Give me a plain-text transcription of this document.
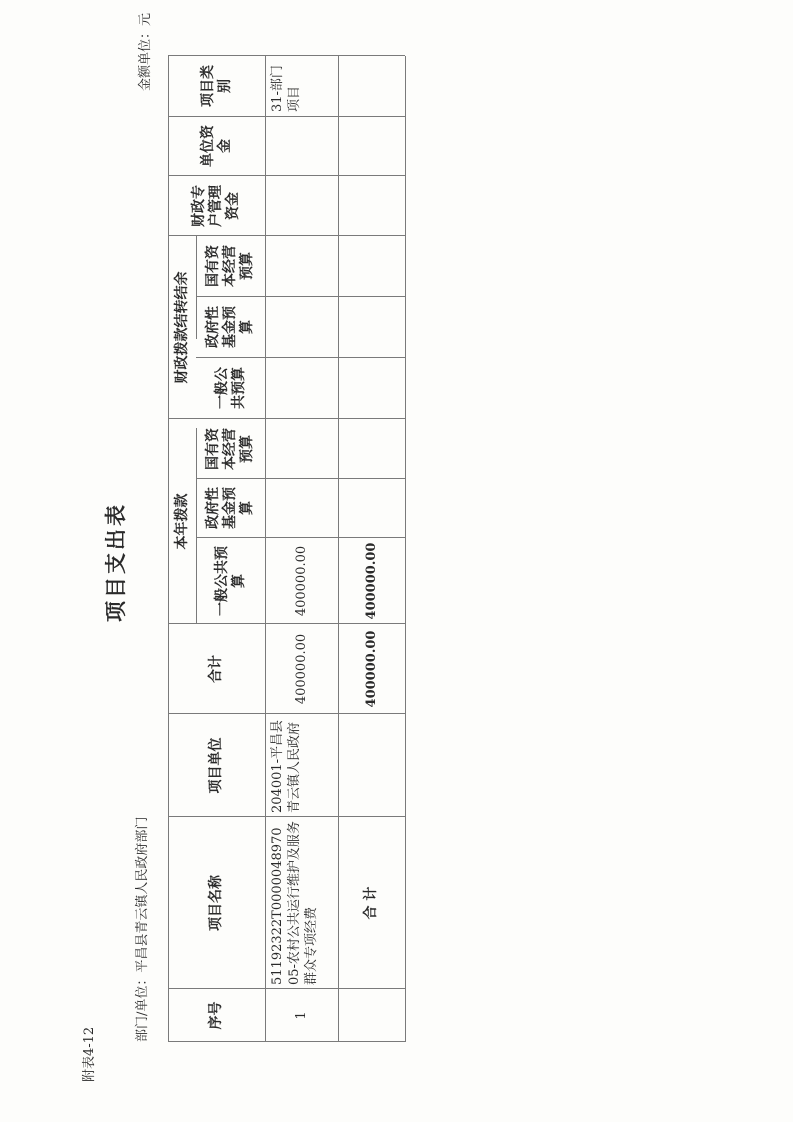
附表4-12
项目支出表
部门/单位：平昌县青云镇人民政府部门
金额单位：元
序号
项目名称
项目单位
合计
本年拨款
财政拨款结转结余
一般公共预算
政府性基金预算
国有资本经营预算
一般公共预算
政府性基金预算
国有资本经营预算
财政专户管理资金
单位资金
项目类别
1
51192322T000004897005-农村公共运行维护及服务群众专项经费
204001-平昌县青云镇人民政府
400000.00
400000.00
31-部门项目
合 计
400000.00
400000.00
